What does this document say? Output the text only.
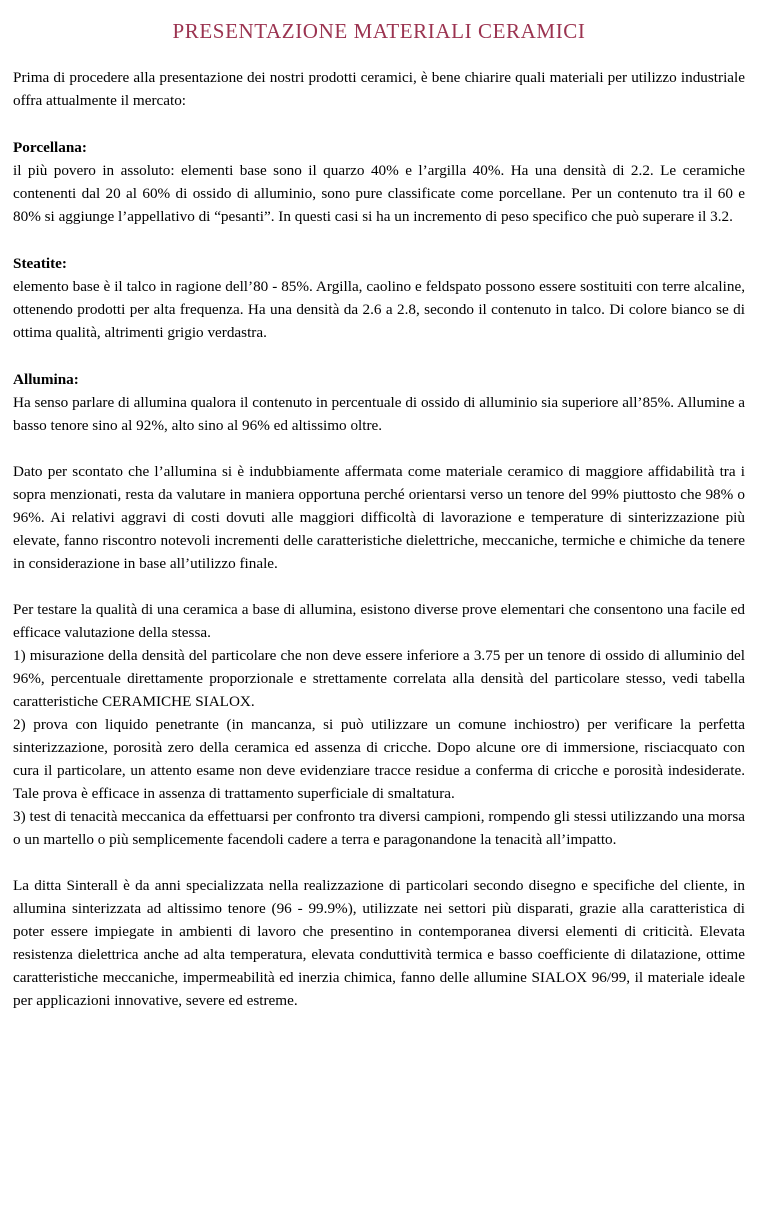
PRESENTAZIONE MATERIALI CERAMICI

Prima di procedere alla presentazione dei nostri prodotti ceramici, è bene chiarire quali materiali per utilizzo industriale offra attualmente il mercato:

Porcellana:

il più povero in assoluto: elementi base sono il quarzo 40% e l’argilla 40%. Ha una densità di 2.2. Le ceramiche contenenti dal 20 al 60% di ossido di alluminio, sono pure classificate come porcellane. Per un contenuto tra il 60 e 80% si aggiunge l’appellativo di “pesanti”. In questi casi si ha un incremento di peso specifico che può superare il 3.2.

Steatite:

elemento base è il talco in ragione dell’80 - 85%. Argilla, caolino e feldspato possono essere sostituiti con terre alcaline, ottenendo prodotti per alta frequenza. Ha una densità da 2.6 a 2.8, secondo il contenuto in talco. Di colore bianco se di ottima qualità, altrimenti grigio verdastra.

Allumina:

Ha senso parlare di allumina qualora il contenuto in percentuale di ossido di alluminio sia superiore all’85%. Allumine a basso tenore sino al 92%, alto sino al 96% ed altissimo oltre.

Dato per scontato che l’allumina si è indubbiamente affermata come materiale ceramico di maggiore affidabilità tra i sopra menzionati, resta da valutare in maniera opportuna perché orientarsi verso un tenore del 99% piuttosto che 98% o 96%. Ai relativi aggravi di costi dovuti alle maggiori difficoltà di lavorazione e temperature di sinterizzazione più elevate, fanno riscontro notevoli incrementi delle caratteristiche dielettriche, meccaniche, termiche e chimiche da tenere in considerazione in base all’utilizzo finale.

Per testare la qualità di una ceramica a base di allumina, esistono diverse prove elementari che consentono una facile ed efficace valutazione della stessa.

1) misurazione della densità del particolare che non deve essere inferiore a 3.75 per un tenore di ossido di alluminio del 96%, percentuale direttamente proporzionale e strettamente correlata alla densità del particolare stesso, vedi tabella caratteristiche CERAMICHE SIALOX.

2) prova con liquido penetrante (in mancanza, si può utilizzare un comune inchiostro) per verificare la perfetta sinterizzazione, porosità zero della ceramica ed assenza di cricche. Dopo alcune ore di immersione, risciacquato con cura il particolare, un attento esame non deve evidenziare tracce residue a conferma di cricche e porosità indesiderate. Tale prova è efficace in assenza di trattamento superficiale di smaltatura.

3) test di tenacità meccanica da effettuarsi per confronto tra diversi campioni, rompendo gli stessi utilizzando una morsa o un martello o più semplicemente facendoli cadere a terra e paragonandone la tenacità all’impatto.

La ditta Sinterall è da anni specializzata nella realizzazione di particolari secondo disegno e specifiche del cliente, in allumina sinterizzata ad altissimo tenore (96 - 99.9%), utilizzate nei settori più disparati, grazie alla caratteristica di poter essere impiegate in ambienti di lavoro che presentino in contemporanea diversi elementi di criticità. Elevata resistenza dielettrica anche ad alta temperatura, elevata conduttività termica e basso coefficiente di dilatazione, ottime caratteristiche meccaniche, impermeabilità ed inerzia chimica, fanno delle allumine SIALOX 96/99, il materiale ideale per applicazioni innovative, severe ed estreme.
